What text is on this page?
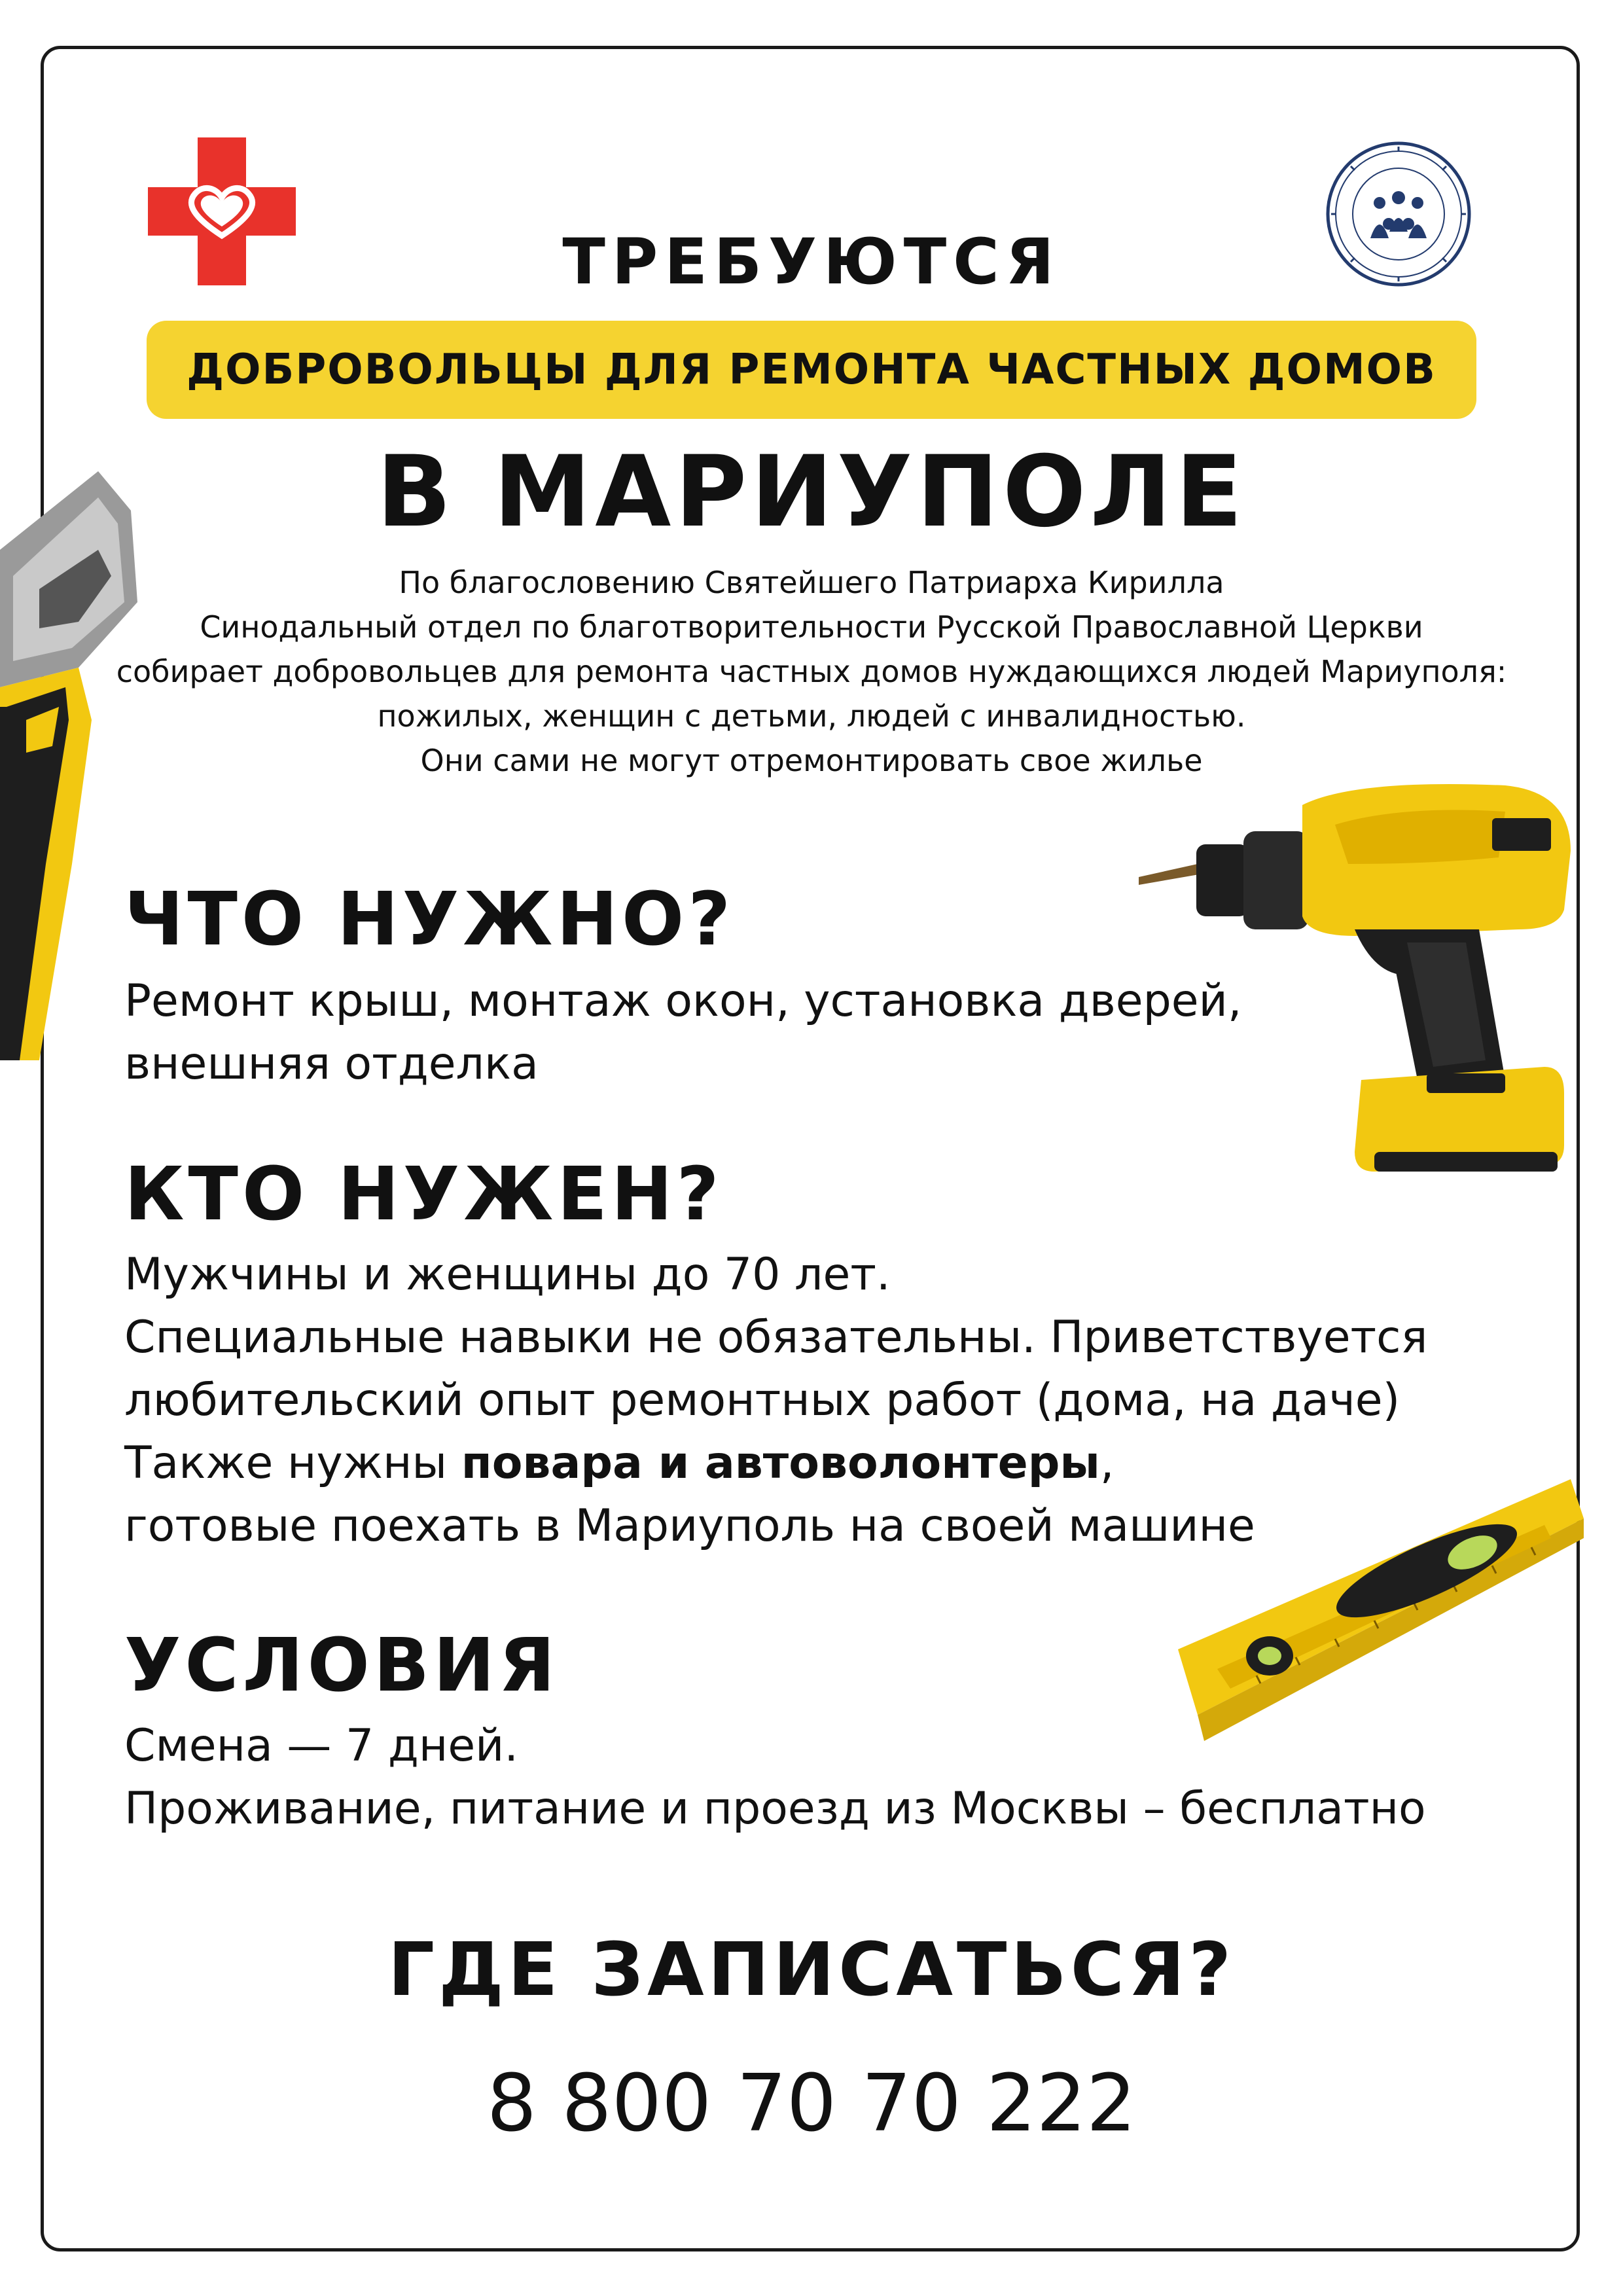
ТРЕБУЮТСЯ
ДОБРОВОЛЬЦЫ ДЛЯ РЕМОНТА ЧАСТНЫХ ДОМОВ
В МАРИУПОЛЕ
По благословению Святейшего Патриарха Кирилла
Синодальный отдел по благотворительности Русской Православной Церкви
собирает добровольцев для ремонта частных домов нуждающихся людей Мариуполя:
пожилых, женщин с детьми, людей с инвалидностью.
Они сами не могут отремонтировать свое жилье
ЧТО НУЖНО?
Ремонт крыш, монтаж окон, установка дверей,
внешняя отделка
КТО НУЖЕН?
Мужчины и женщины до 70 лет.
Специальные навыки не обязательны. Приветствуется
любительский опыт ремонтных работ (дома, на даче)
Также нужны повара и автоволонтеры,
готовые поехать в Мариуполь на своей машине
УСЛОВИЯ
Смена — 7 дней.
Проживание, питание и проезд из Москвы – бесплатно
ГДЕ ЗАПИСАТЬСЯ?
8 800 70 70 222
